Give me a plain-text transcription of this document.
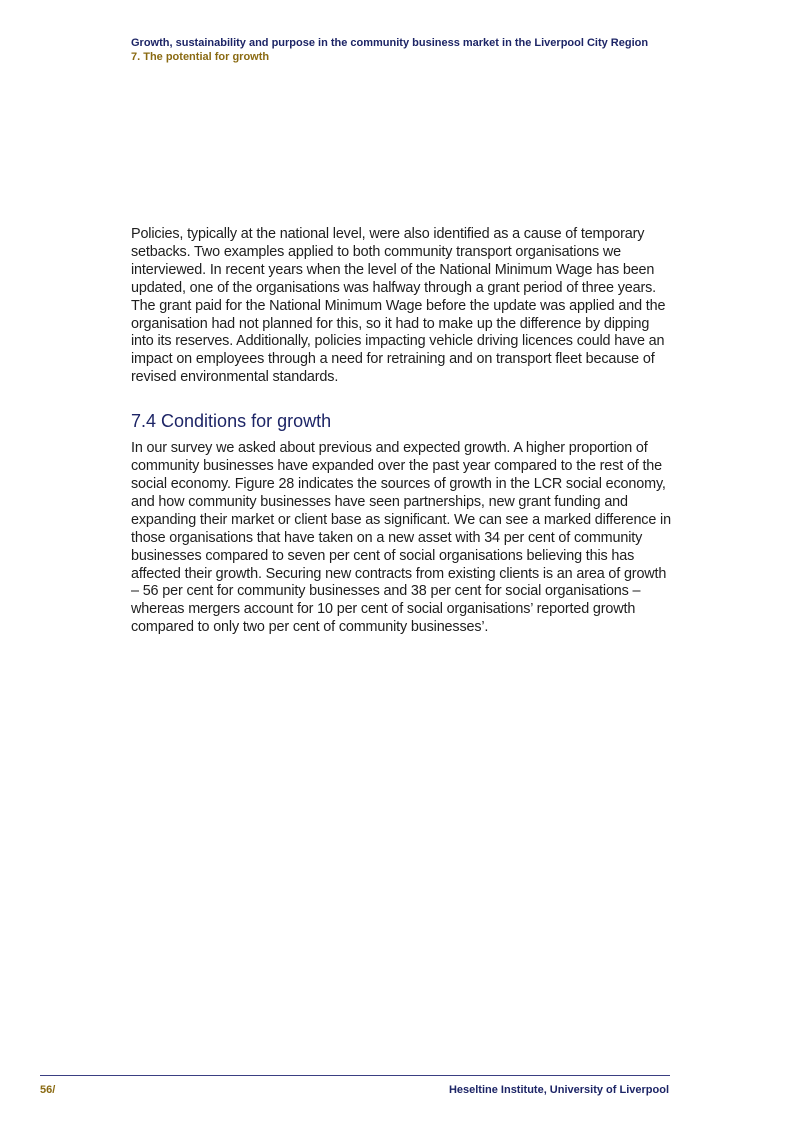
Growth, sustainability and purpose in the community business market in the Liverpool City Region
7. The potential for growth

Policies, typically at the national level, were also identified as a cause of temporary setbacks. Two examples applied to both community transport organisations we interviewed. In recent years when the level of the National Minimum Wage has been updated, one of the organisations was halfway through a grant period of three years. The grant paid for the National Minimum Wage before the update was applied and the organisation had not planned for this, so it had to make up the difference by dipping into its reserves. Additionally, policies impacting vehicle driving licences could have an impact on employees through a need for retraining and on transport fleet because of revised environmental standards.

7.4 Conditions for growth

In our survey we asked about previous and expected growth. A higher proportion of community businesses have expanded over the past year compared to the rest of the social economy. Figure 28 indicates the sources of growth in the LCR social economy, and how community businesses have seen partnerships, new grant funding and expanding their market or client base as significant. We can see a marked difference in those organisations that have taken on a new asset with 34 per cent of community businesses compared to seven per cent of social organisations believing this has affected their growth. Securing new contracts from existing clients is an area of growth – 56 per cent for community businesses and 38 per cent for social organisations – whereas mergers account for 10 per cent of social organisations’ reported growth compared to only two per cent of community businesses’.

56/	Heseltine Institute, University of Liverpool
